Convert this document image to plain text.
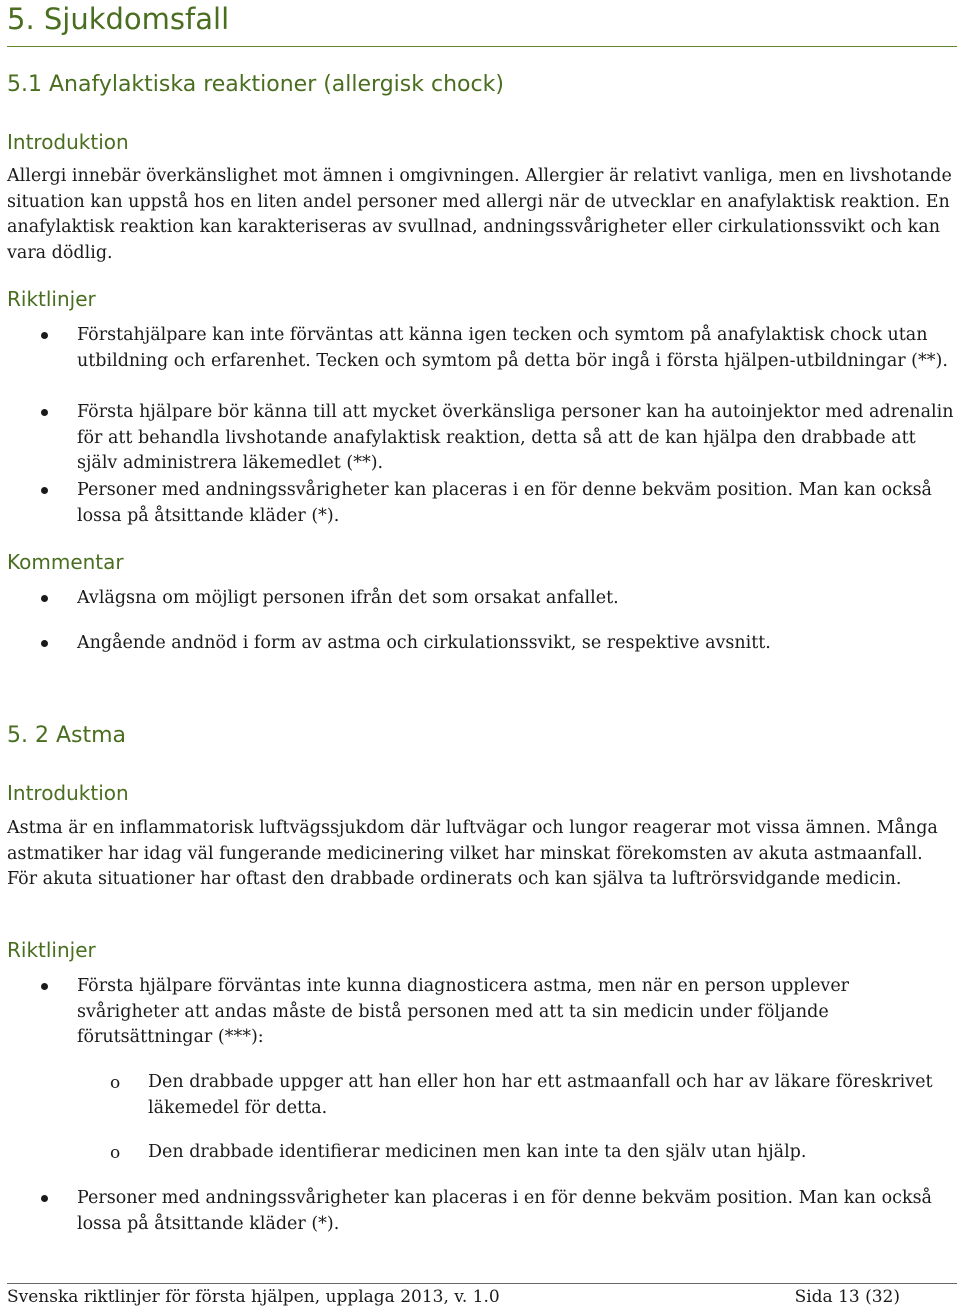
5. Sjukdomsfall
5.1 Anafylaktiska reaktioner (allergisk chock)
Introduktion
Allergi innebär överkänslighet mot ämnen i omgivningen. Allergier är relativt vanliga, men en livshotande situation kan uppstå hos en liten andel personer med allergi när de utvecklar en anafylaktisk reaktion. En anafylaktisk reaktion kan karakteriseras av svullnad, andningssvårigheter eller cirkulationssvikt och kan vara dödlig.
Riktlinjer
Förstahjälpare kan inte förväntas att känna igen tecken och symtom på anafylaktisk chock utan utbildning och erfarenhet. Tecken och symtom på detta bör ingå i första hjälpen-utbildningar (**).
Första hjälpare bör känna till att mycket överkänsliga personer kan ha autoinjektor med adrenalin för att behandla livshotande anafylaktisk reaktion, detta så att de kan hjälpa den drabbade att själv administrera läkemedlet (**).
Personer med andningssvårigheter kan placeras i en för denne bekväm position. Man kan också lossa på åtsittande kläder (*).
Kommentar
Avlägsna om möjligt personen ifrån det som orsakat anfallet.
Angående andnöd i form av astma och cirkulationssvikt, se respektive avsnitt.
5. 2 Astma
Introduktion
Astma är en inflammatorisk luftvägssjukdom där luftvägar och lungor reagerar mot vissa ämnen. Många astmatiker har idag väl fungerande medicinering vilket har minskat förekomsten av akuta astmaanfall. För akuta situationer har oftast den drabbade ordinerats och kan själva ta luftrörsvidgande medicin.
Riktlinjer
Första hjälpare förväntas inte kunna diagnosticera astma, men när en person upplever svårigheter att andas måste de bistå personen med att ta sin medicin under följande förutsättningar (***):
o Den drabbade uppger att han eller hon har ett astmaanfall och har av läkare föreskrivet läkemedel för detta.
o Den drabbade identifierar medicinen men kan inte ta den själv utan hjälp.
Personer med andningssvårigheter kan placeras i en för denne bekväm position. Man kan också lossa på åtsittande kläder (*).
Svenska riktlinjer för första hjälpen, upplaga 2013, v. 1.0	Sida 13 (32)
